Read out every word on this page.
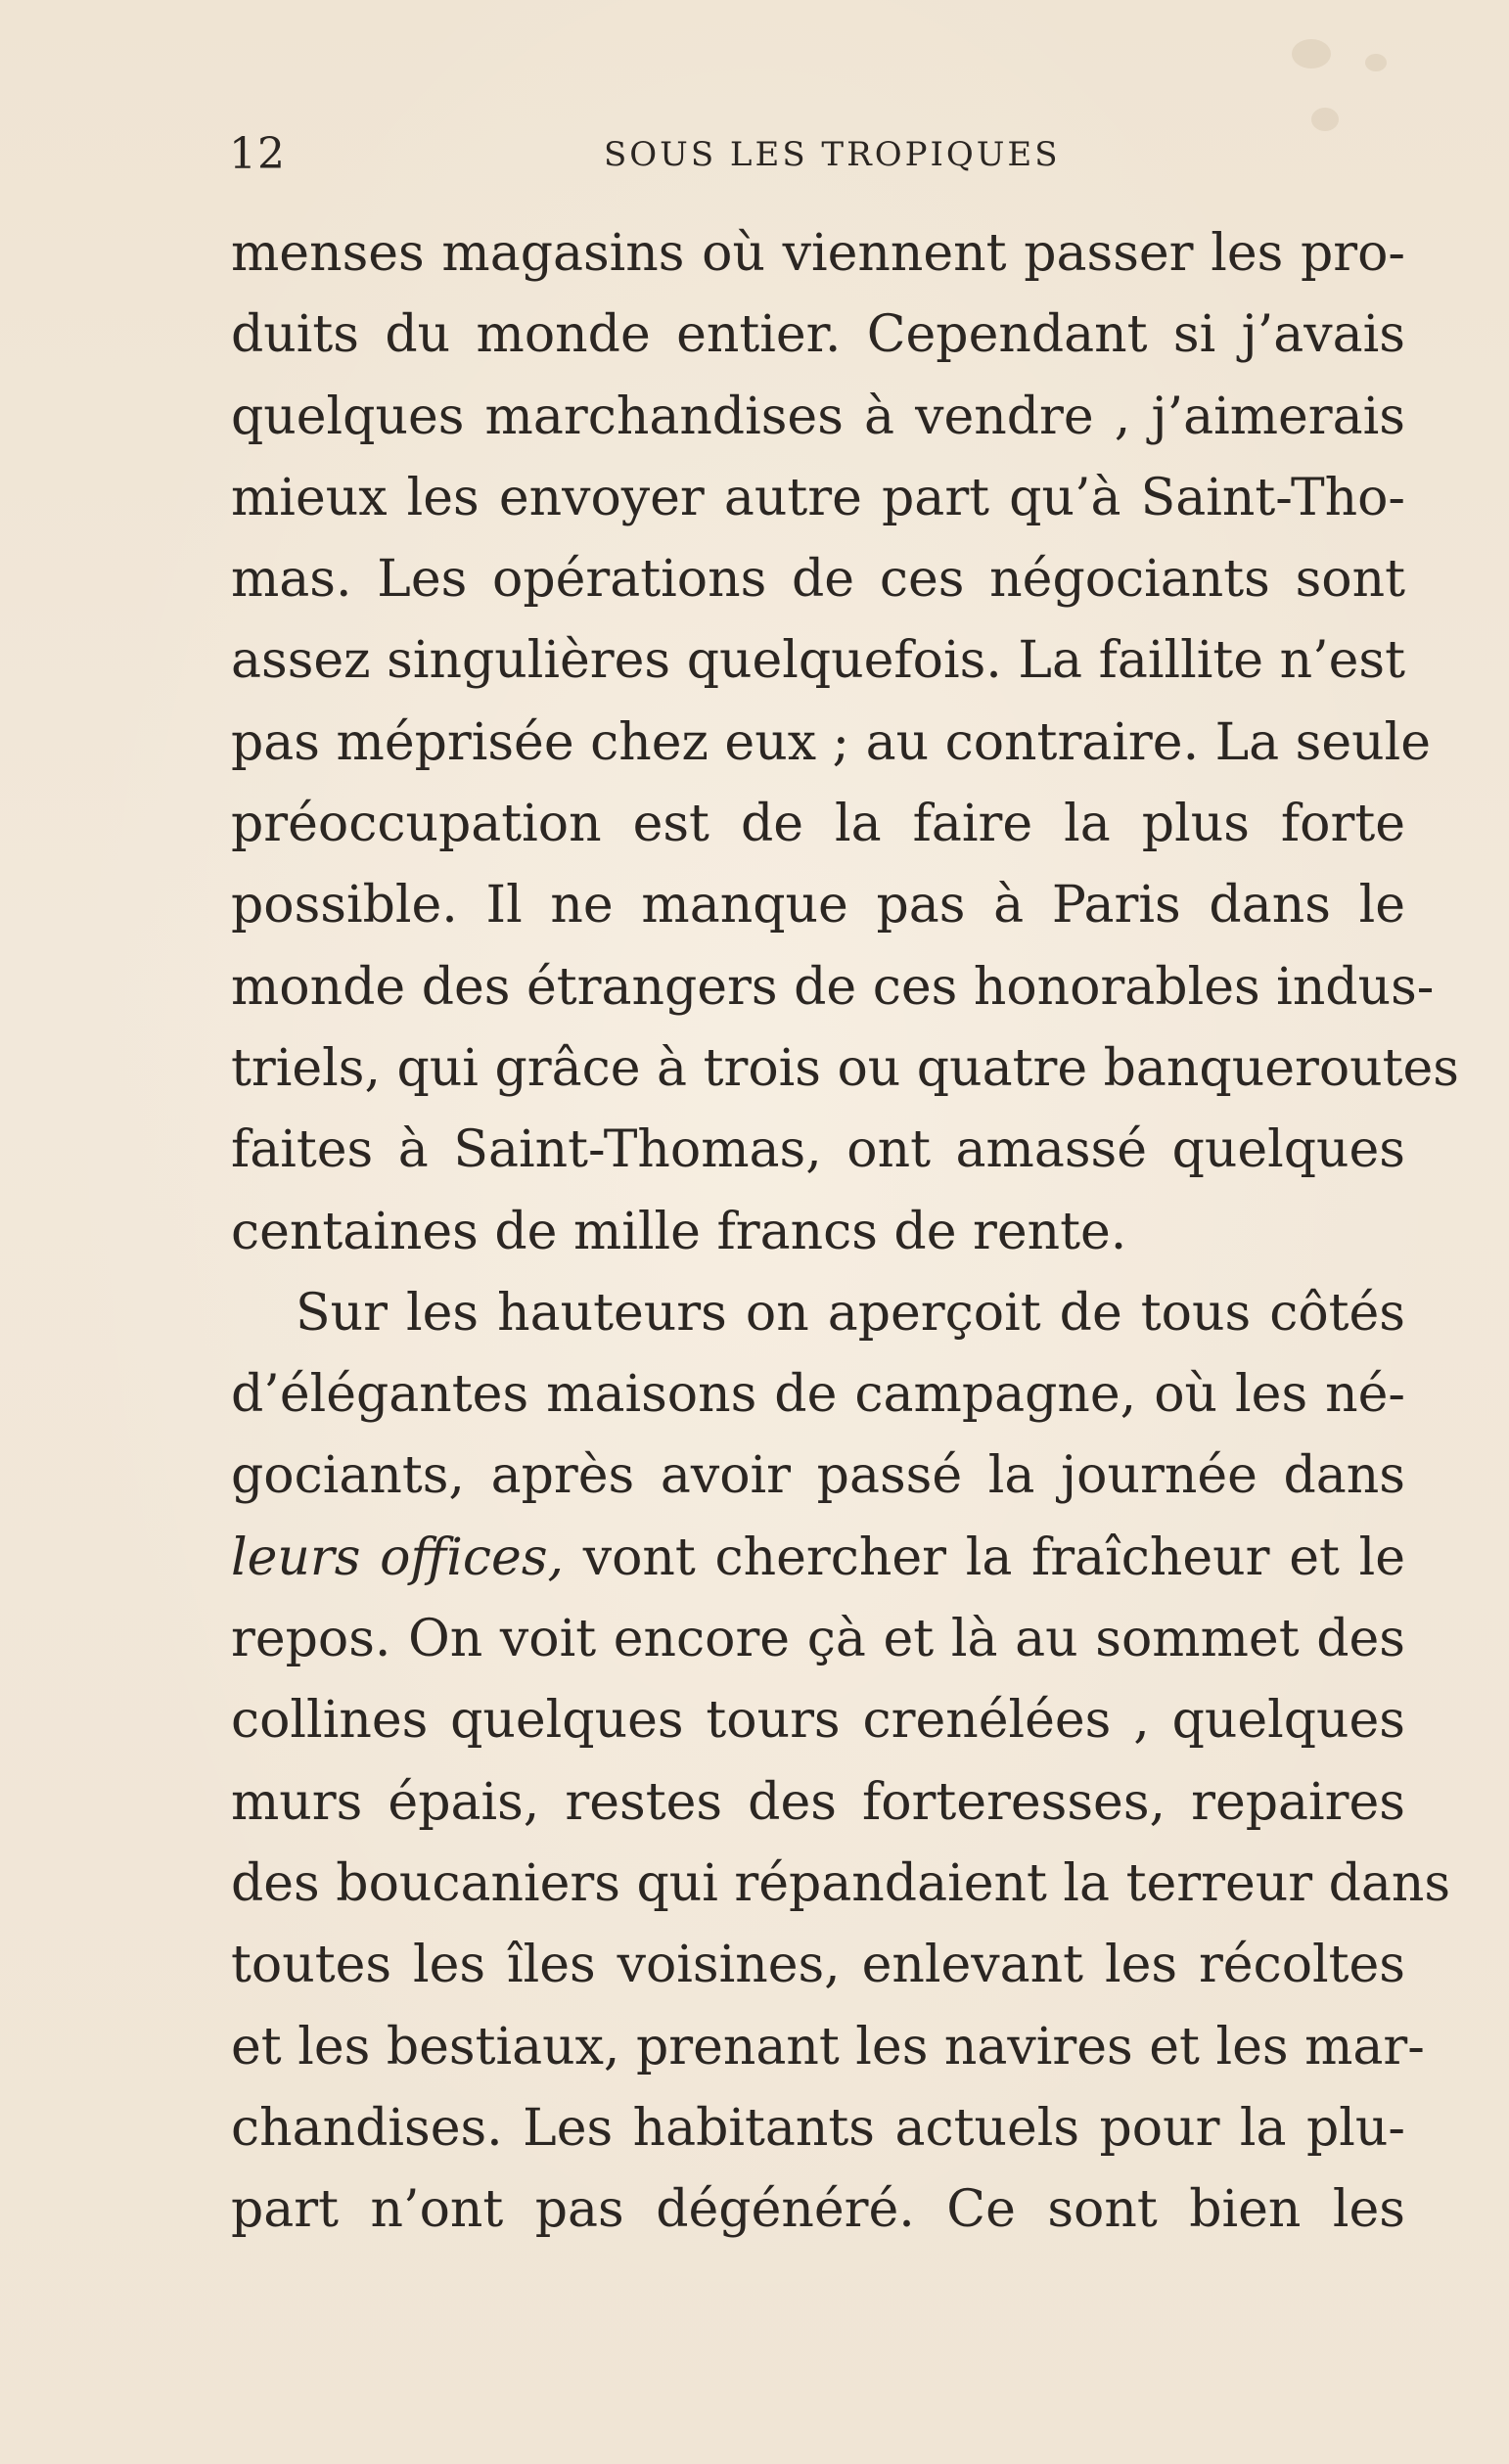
12	SOUS LES TROPIQUES
menses magasins où viennent passer les pro-
duits du monde entier. Cependant si j’avais
quelques marchandises à vendre , j’aimerais
mieux les envoyer autre part qu’à Saint-Tho-
mas. Les opérations de ces négociants sont
assez singulières quelquefois. La faillite n’est
pas méprisée chez eux ; au contraire. La seule
préoccupation est de la faire la plus forte
possible. Il ne manque pas à Paris dans le
monde des étrangers de ces honorables indus-
triels, qui grâce à trois ou quatre banqueroutes
faites à Saint-Thomas, ont amassé quelques
centaines de mille francs de rente.
Sur les hauteurs on aperçoit de tous côtés
d’élégantes maisons de campagne, où les né-
gociants, après avoir passé la journée dans
leurs offices, vont chercher la fraîcheur et le
repos. On voit encore çà et là au sommet des
collines quelques tours crenélées , quelques
murs épais, restes des forteresses, repaires
des boucaniers qui répandaient la terreur dans
toutes les îles voisines, enlevant les récoltes
et les bestiaux, prenant les navires et les mar-
chandises. Les habitants actuels pour la plu-
part n’ont pas dégénéré. Ce sont bien les
